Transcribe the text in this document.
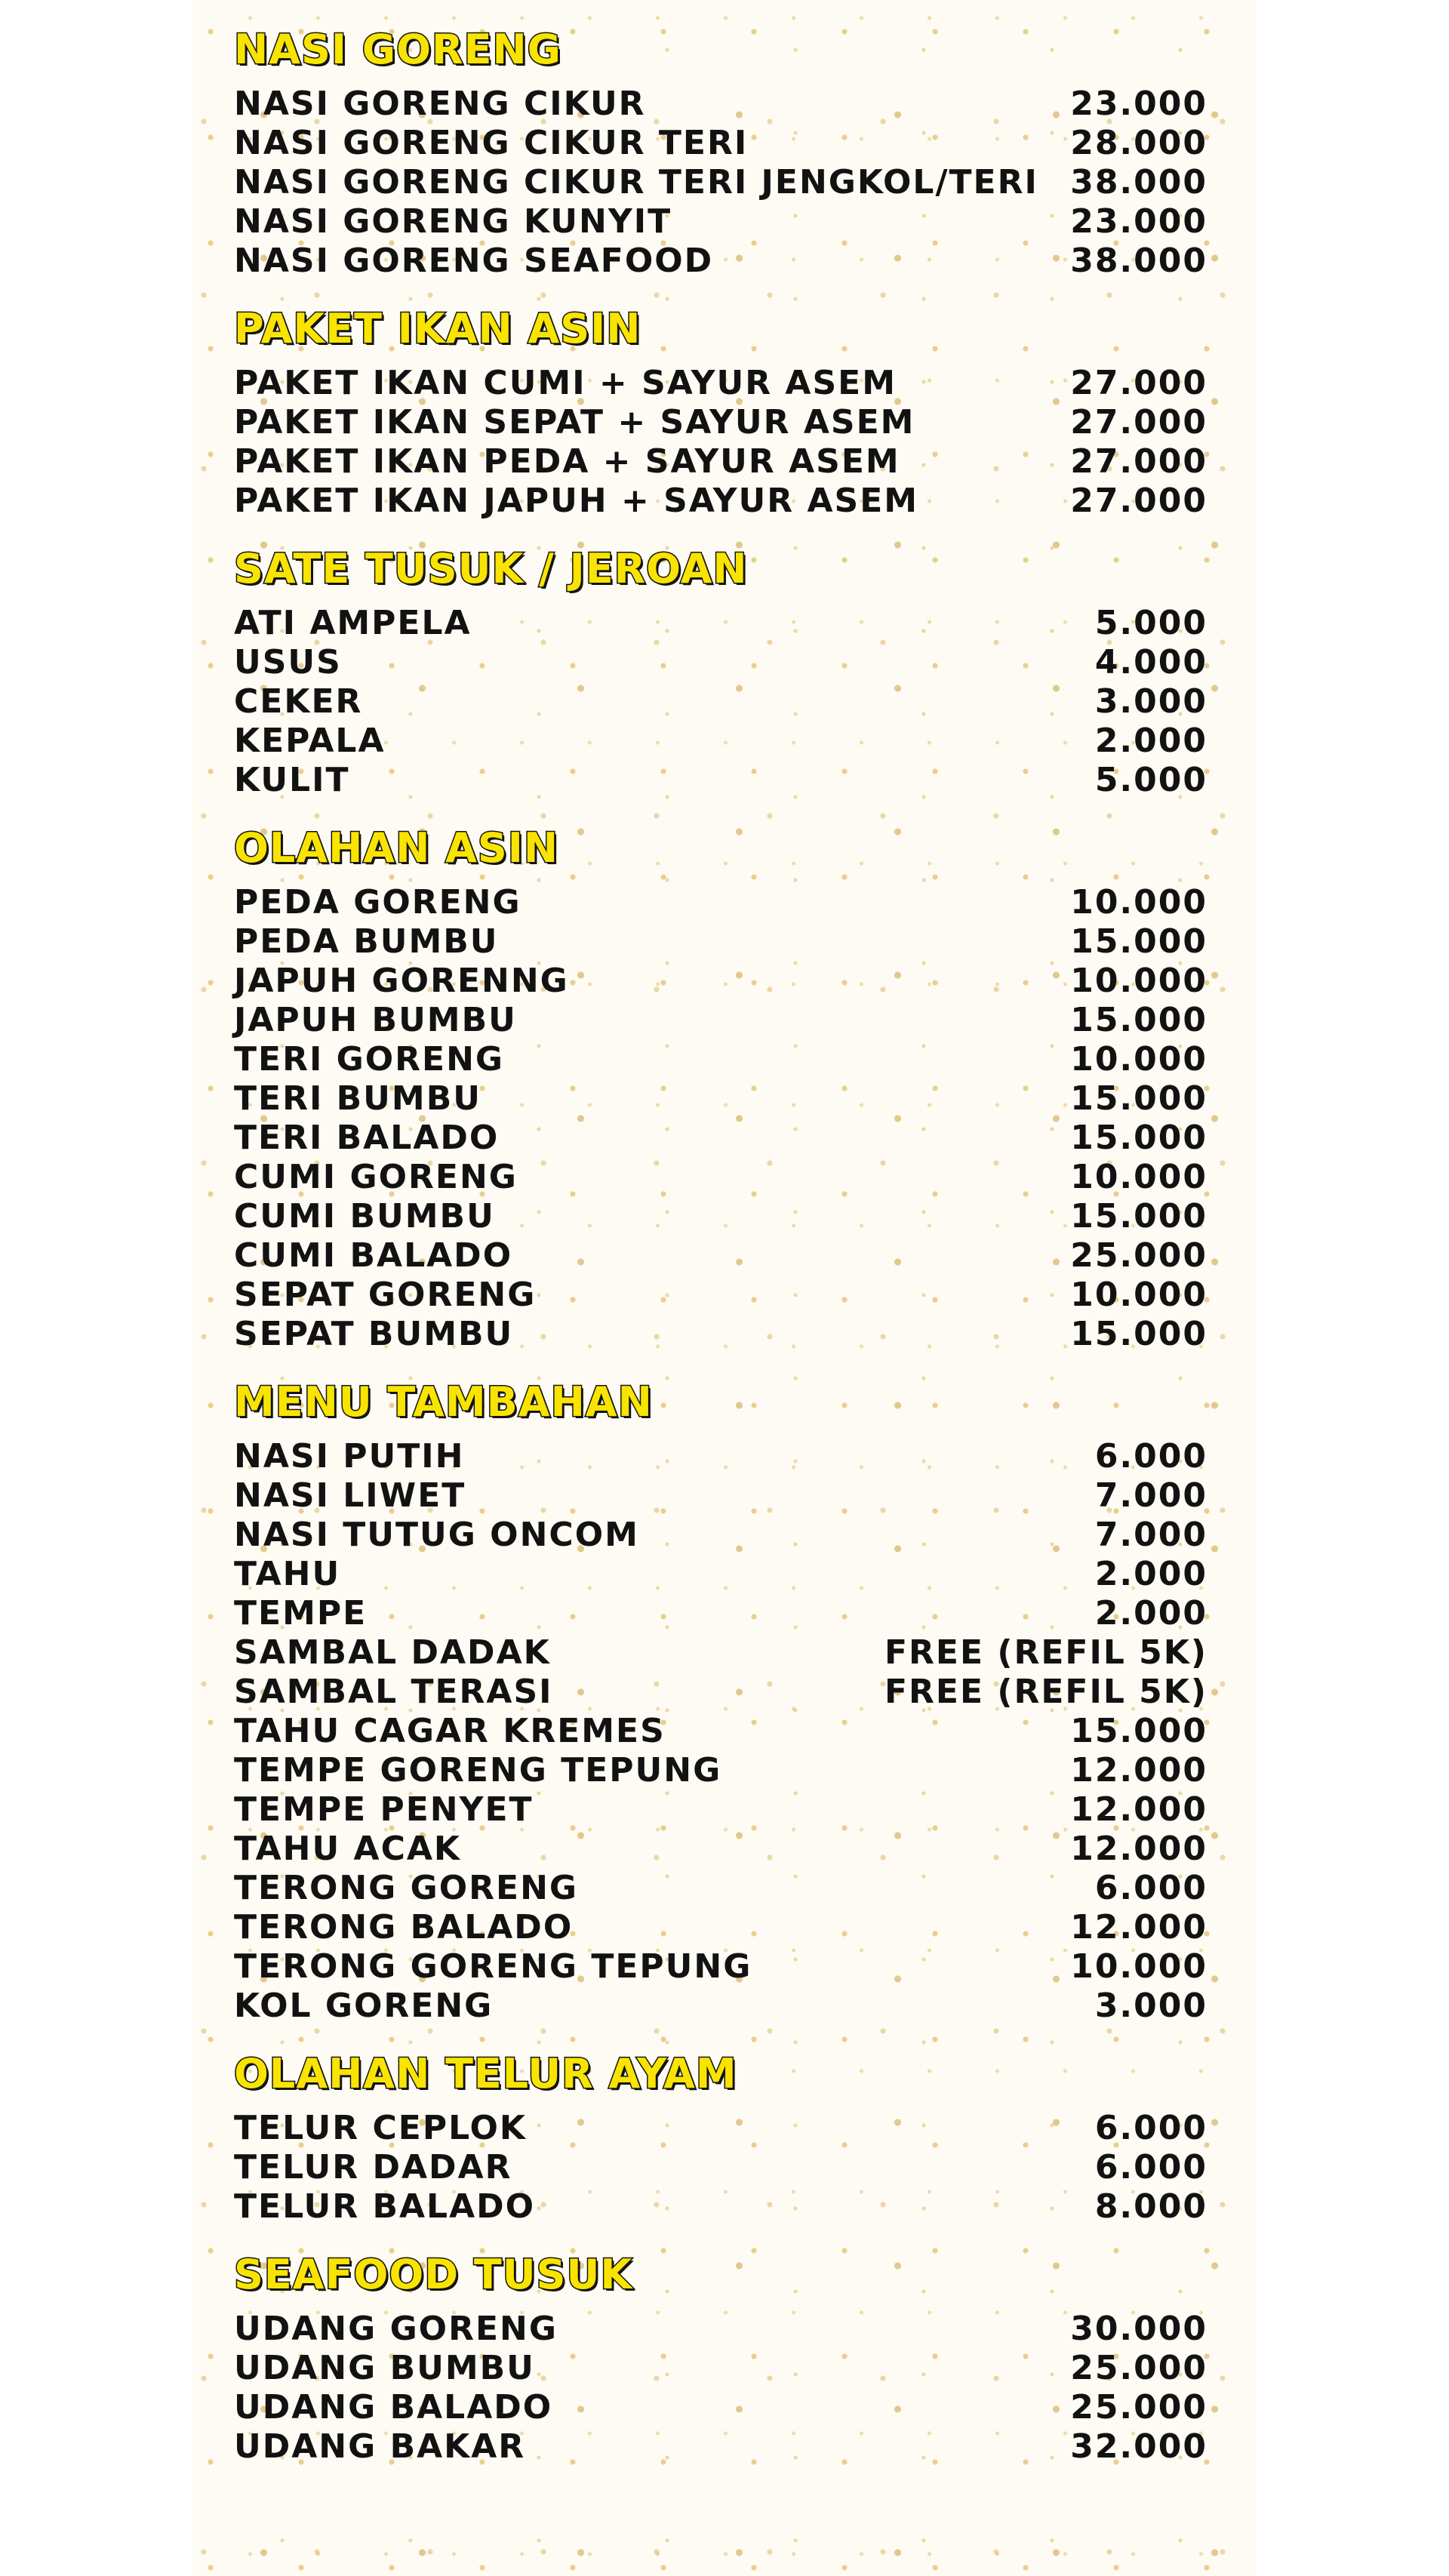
NASI GORENG
NASI GORENG CIKUR	23.000
NASI GORENG CIKUR TERI	28.000
NASI GORENG CIKUR TERI JENGKOL/TERI 38.000
NASI GORENG KUNYIT	23.000
NASI GORENG SEAFOOD	38.000
PAKET IKAN ASIN
PAKET IKAN CUMI + SAYUR ASEM	27.000
PAKET IKAN SEPAT + SAYUR ASEM	27.000
PAKET IKAN PEDA + SAYUR ASEM	27.000
PAKET IKAN JAPUH + SAYUR ASEM	27.000
SATE TUSUK / JEROAN
ATI AMPELA	5.000
USUS	4.000
CEKER	3.000
KEPALA	2.000
KULIT	5.000
OLAHAN ASIN
PEDA GORENG	10.000
PEDA BUMBU	15.000
JAPUH GORENNG	10.000
JAPUH BUMBU	15.000
TERI GORENG	10.000
TERI BUMBU	15.000
TERI BALADO	15.000
CUMI GORENG	10.000
CUMI BUMBU	15.000
CUMI BALADO	25.000
SEPAT GORENG	10.000
SEPAT BUMBU	15.000
MENU TAMBAHAN
NASI PUTIH	6.000
NASI LIWET	7.000
NASI TUTUG ONCOM	7.000
TAHU	2.000
TEMPE	2.000
SAMBAL DADAK	FREE (REFIL 5K)
SAMBAL TERASI	FREE (REFIL 5K)
TAHU CAGAR KREMES	15.000
TEMPE GORENG TEPUNG	12.000
TEMPE PENYET	12.000
TAHU ACAK	12.000
TERONG GORENG	6.000
TERONG BALADO	12.000
TERONG GORENG TEPUNG	10.000
KOL GORENG	3.000
OLAHAN TELUR AYAM
TELUR CEPLOK	6.000
TELUR DADAR	6.000
TELUR BALADO	8.000
SEAFOOD TUSUK
UDANG GORENG	30.000
UDANG BUMBU	25.000
UDANG BALADO	25.000
UDANG BAKAR	32.000
